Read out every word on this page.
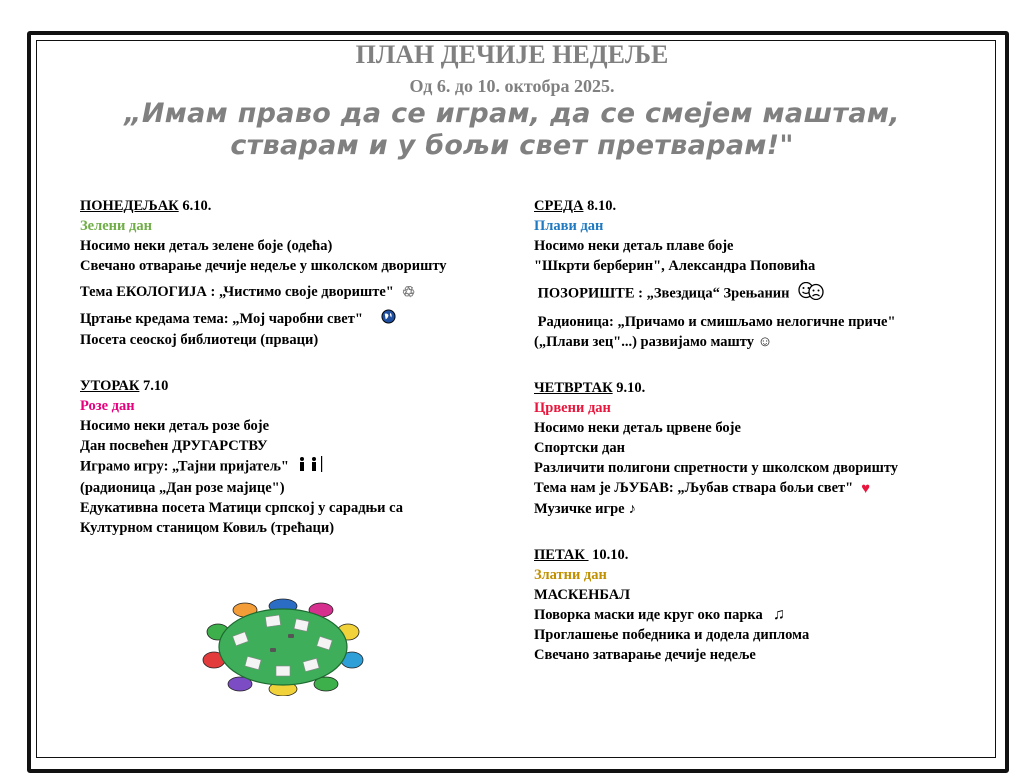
ПЛАН ДЕЧИЈЕ НЕДЕЉЕ
Од 6. до 10. октобра 2025.
„Имам право да се играм, да се смејем маштам,
стварам и у бољи свет претварам!"
ПОНЕДЕЉАК 6.10.
Зелени дан
Носимо неки детаљ зелене боје (одећа)
Свечано отварање дечије недеље у школском дворишту
Тема ЕКОЛОГИЈА : „Чистимо своје двориште" ♲
Цртање кредама тема: „Мој чаробни свет"
Посета сеоској библиотеци (прваци)
УТОРАК 7.10
Розе дан
Носимо неки детаљ розе боје
Дан посвећен ДРУГАРСТВУ
Играмо игру: „Тајни пријатељ"
(радионица „Дан розе мајице")
Едукативна посета Матици српској у сарадњи са
Културном станицом Ковиљ (трећаци)
СРЕДА 8.10.
Плави дан
Носимо неки детаљ плаве боје
"Шкрти берберин", Александра Поповића
ПОЗОРИШТЕ : „Звездица“ Зрењанин
Радионица: „Причамо и смишљамо нелогичне приче"
(„Плави зец"...) развијамо машту ☺
ЧЕТВРТАК 9.10.
Црвени дан
Носимо неки детаљ црвене боје
Спортски дан
Различити полигони спретности у школском дворишту
Тема нам је ЉУБАВ: „Љубав ствара бољи свет" ♥
Музичке игре ♪
ПЕТАК  10.10.
Златни дан
МАСКЕНБАЛ
Поворка маски иде круг око парка ♫
Проглашење победника и додела диплома
Свечано затварање дечије недеље
